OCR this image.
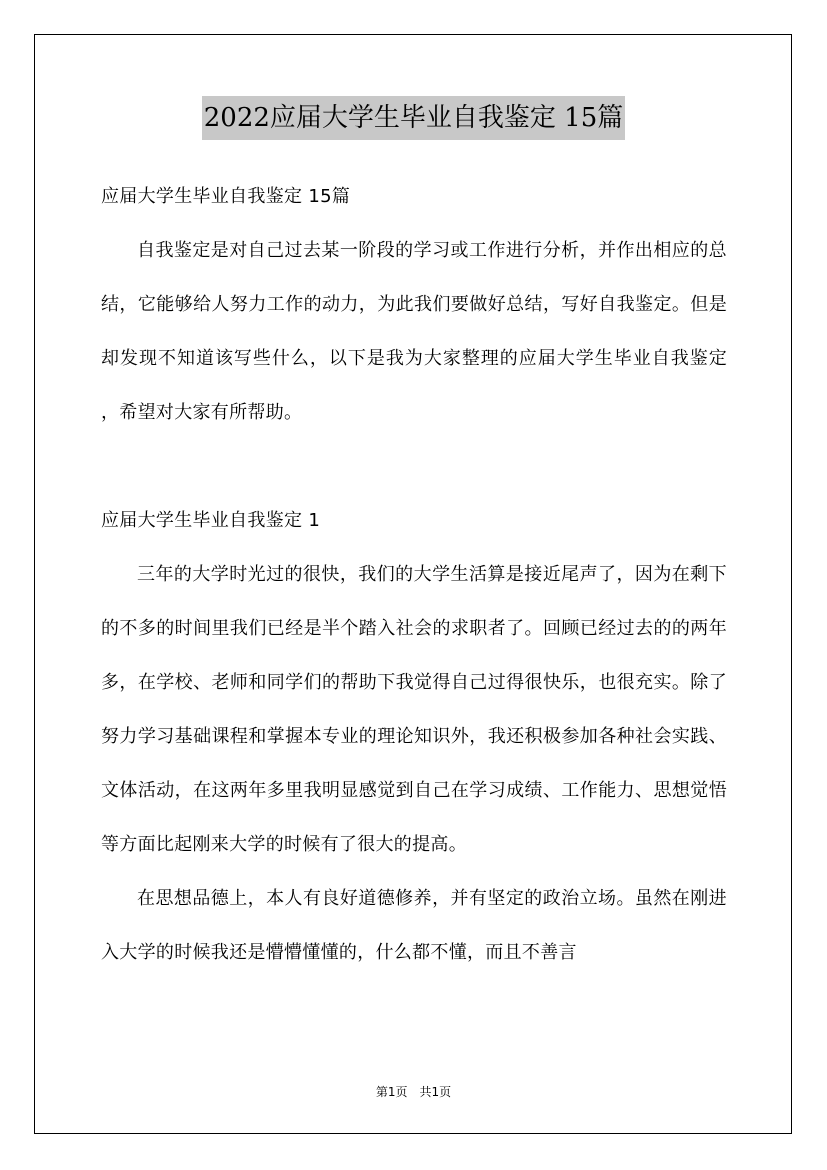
2022应届大学生毕业自我鉴定 15篇

应届大学生毕业自我鉴定 15篇

自我鉴定是对自己过去某一阶段的学习或工作进行分析，并作出相应的总结，它能够给人努力工作的动力，为此我们要做好总结，写好自我鉴定。但是却发现不知道该写些什么，以下是我为大家整理的应届大学生毕业自我鉴定 ，希望对大家有所帮助。

应届大学生毕业自我鉴定 1

三年的大学时光过的很快，我们的大学生活算是接近尾声了，因为在剩下的不多的时间里我们已经是半个踏入社会的求职者了。回顾已经过去的的两年多，在学校、老师和同学们的帮助下我觉得自己过得很快乐，也很充实。除了努力学习基础课程和掌握本专业的理论知识外，我还积极参加各种社会实践、文体活动，在这两年多里我明显感觉到自己在学习成绩、工作能力、思想觉悟等方面比起刚来大学的时候有了很大的提高。

在思想品德上，本人有良好道德修养，并有坚定的政治立场。虽然在刚进入大学的时候我还是懵懵懂懂的，什么都不懂，而且不善言

第1页　共1页
